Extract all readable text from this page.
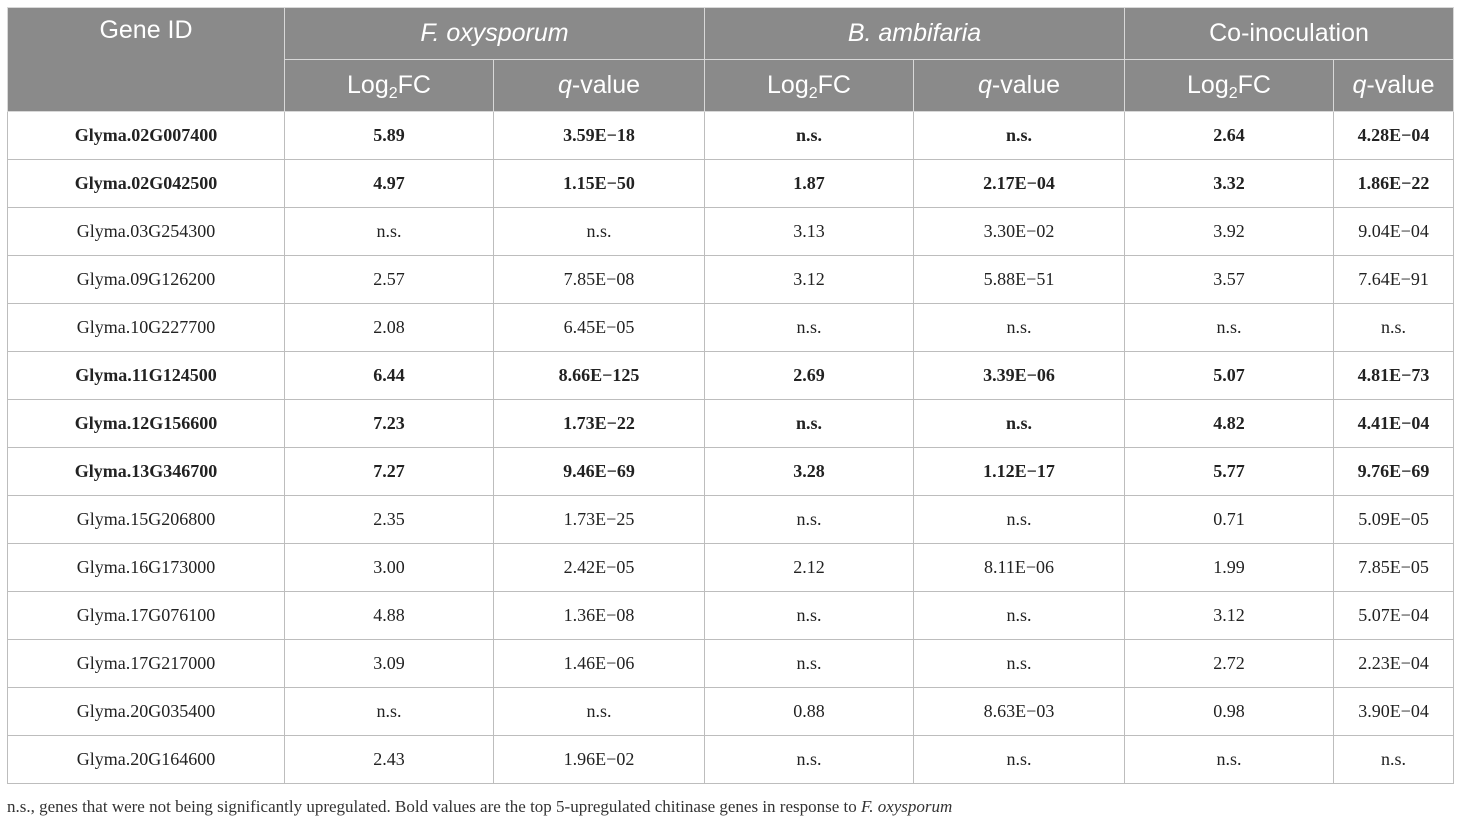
Gene ID	F. oxysporum		B. ambifaria		Co-inoculation	
	Log$_2$FC	q-value	Log$_2$FC	q-value	Log$_2$FC	q-value
Glyma.02G007400	5.89	3.59E−18	n.s.	n.s.	2.64	4.28E−04
Glyma.02G042500	4.97	1.15E−50	1.87	2.17E−04	3.32	1.86E−22
Glyma.03G254300	n.s.	n.s.	3.13	3.30E−02	3.92	9.04E−04
Glyma.09G126200	2.57	7.85E−08	3.12	5.88E−51	3.57	7.64E−91
Glyma.10G227700	2.08	6.45E−05	n.s.	n.s.	n.s.	n.s.
Glyma.11G124500	6.44	8.66E−125	2.69	3.39E−06	5.07	4.81E−73
Glyma.12G156600	7.23	1.73E−22	n.s.	n.s.	4.82	4.41E−04
Glyma.13G346700	7.27	9.46E−69	3.28	1.12E−17	5.77	9.76E−69
Glyma.15G206800	2.35	1.73E−25	n.s.	n.s.	0.71	5.09E−05
Glyma.16G173000	3.00	2.42E−05	2.12	8.11E−06	1.99	7.85E−05
Glyma.17G076100	4.88	1.36E−08	n.s.	n.s.	3.12	5.07E−04
Glyma.17G217000	3.09	1.46E−06	n.s.	n.s.	2.72	2.23E−04
Glyma.20G035400	n.s.	n.s.	0.88	8.63E−03	0.98	3.90E−04
Glyma.20G164600	2.43	1.96E−02	n.s.	n.s.	n.s.	n.s.
n.s., genes that were not being significantly upregulated. Bold values are the top 5-upregulated chitinase genes in response to F. oxysporum
